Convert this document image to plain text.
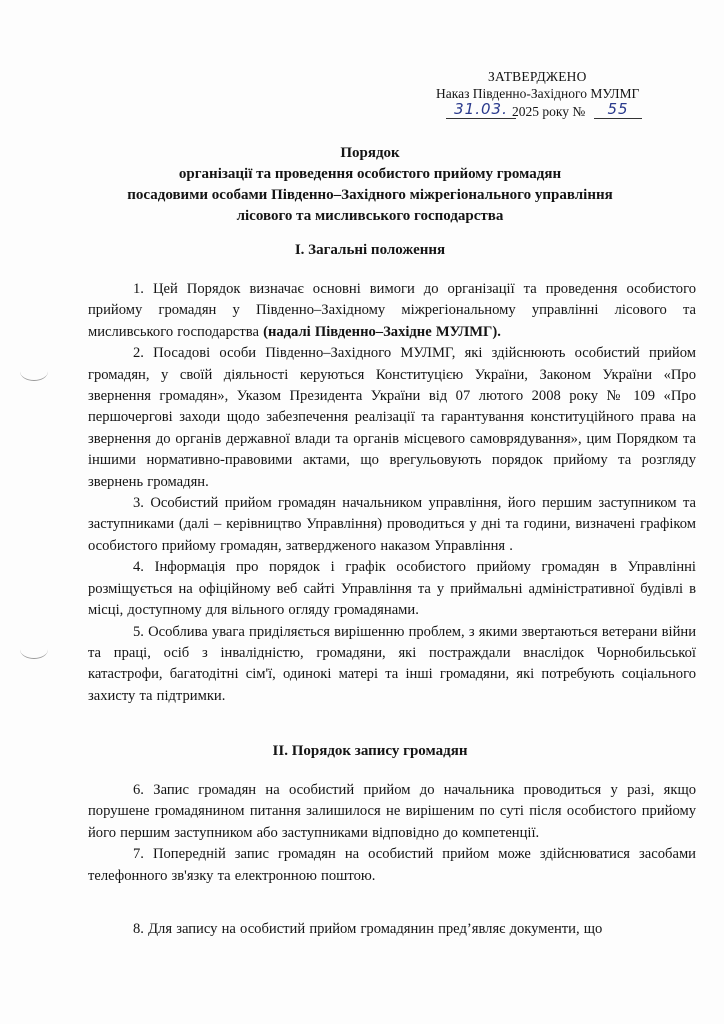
ЗАТВЕРДЖЕНО
Наказ Південно-Західного МУЛМГ
31.03. 2025 року №	55
Порядок
організації та проведення особистого прийому громадян
посадовими особами Південно–Західного міжрегіонального управління
лісового та мисливського господарства
І. Загальні положення

1. Цей Порядок визначає основні вимоги до організації та проведення особистого прийому громадян у Південно–Західному міжрегіональному управлінні лісового та мисливського господарства (надалі Південно–Західне МУЛМГ).

2. Посадові особи Південно–Західного МУЛМГ, які здійснюють особистий прийом громадян, у своїй діяльності керуються Конституцією України, Законом України «Про звернення громадян», Указом Президента України від 07 лютого 2008 року № 109 «Про першочергові заходи щодо забезпечення реалізації та гарантування конституційного права на звернення до органів державної влади та органів місцевого самоврядування», цим Порядком та іншими нормативно-правовими актами, що врегульовують порядок прийому та розгляду звернень громадян.

3. Особистий прийом громадян начальником управління, його першим заступником та заступниками (далі – керівництво Управління) проводиться у дні та години, визначені графіком особистого прийому громадян, затвердженого наказом Управління .

4. Інформація про порядок і графік особистого прийому громадян в Управлінні розміщується на офіційному веб сайті Управління та у приймальні адміністративної будівлі в місці, доступному для вільного огляду громадянами.

5. Особлива увага приділяється вирішенню проблем, з якими звертаються ветерани війни та праці, осіб з інвалідністю, громадяни, які постраждали внаслідок Чорнобильської катастрофи, багатодітні сім'ї, одинокі матері та інші громадяни, які потребують соціального захисту та підтримки.

ІІ. Порядок запису громадян

6. Запис громадян на особистий прийом до начальника проводиться у разі, якщо порушене громадянином питання залишилося не вирішеним по суті після особистого прийому його першим заступником або заступниками відповідно до компетенції.

7. Попередній запис громадян на особистий прийом може здійснюватися засобами телефонного зв'язку та електронною поштою.

8. Для запису на особистий прийом громадянин пред’являє документи, що
